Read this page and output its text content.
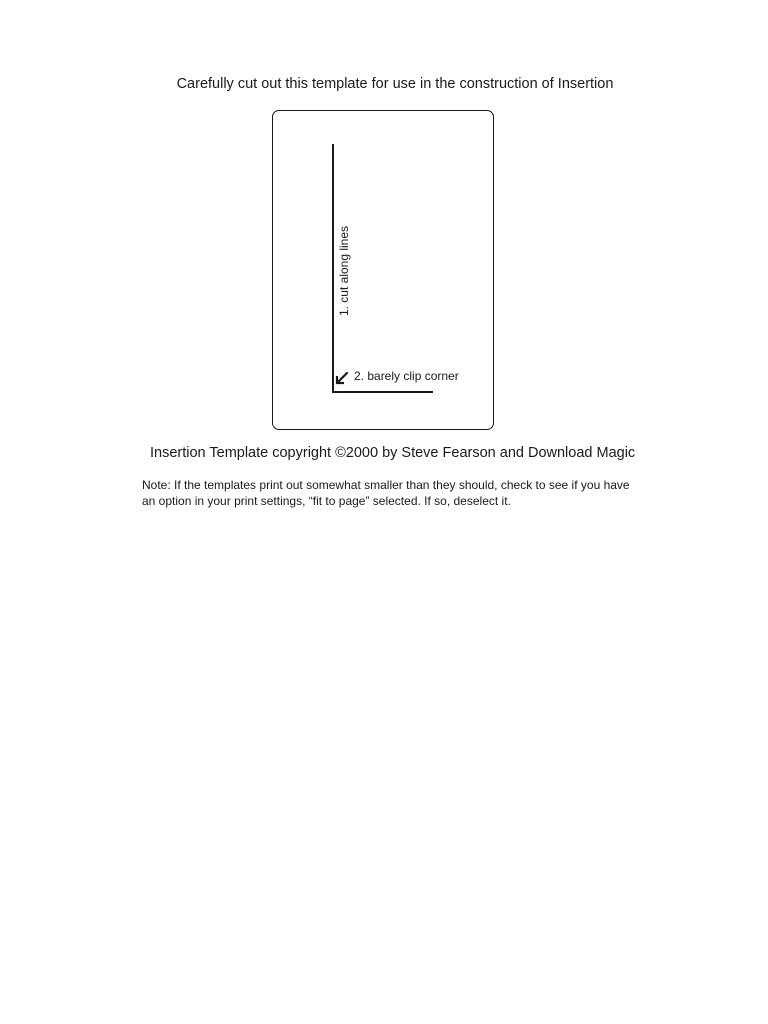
Carefully cut out this template for use in the construction of Insertion
1. cut along lines
2. barely clip corner
Insertion Template copyright ©2000 by Steve Fearson and Download Magic
Note: If the templates print out somewhat smaller than they should, check to see if you have
an option in your print settings, “fit to page” selected. If so, deselect it.
